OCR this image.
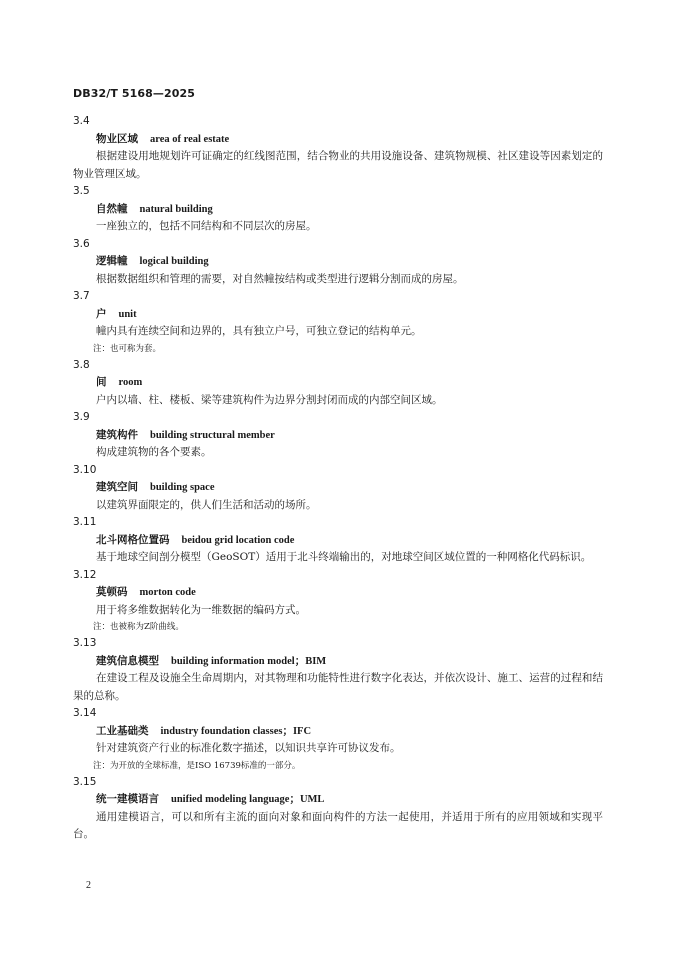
DB32/T 5168—2025
3.4
物业区域 area of real estate

根据建设用地规划许可证确定的红线图范围，结合物业的共用设施设备、建筑物规模、社区建设等因素划定的物业管理区域。

3.5
自然幢 natural building

一座独立的，包括不同结构和不同层次的房屋。

3.6
逻辑幢 logical building

根据数据组织和管理的需要，对自然幢按结构或类型进行逻辑分割而成的房屋。

3.7
户 unit

幢内具有连续空间和边界的，具有独立户号，可独立登记的结构单元。

注：也可称为套。

3.8
间 room

户内以墙、柱、楼板、梁等建筑构件为边界分割封闭而成的内部空间区域。

3.9
建筑构件 building structural member

构成建筑物的各个要素。

3.10
建筑空间 building space

以建筑界面限定的，供人们生活和活动的场所。

3.11
北斗网格位置码 beidou grid location code

基于地球空间剖分模型（GeoSOT）适用于北斗终端输出的，对地球空间区域位置的一种网格化代码标识。

3.12
莫顿码 morton code

用于将多维数据转化为一维数据的编码方式。

注：也被称为Z阶曲线。

3.13
建筑信息模型 building information model；BIM

在建设工程及设施全生命周期内，对其物理和功能特性进行数字化表达，并依次设计、施工、运营的过程和结果的总称。

3.14
工业基础类 industry foundation classes；IFC

针对建筑资产行业的标准化数字描述，以知识共享许可协议发布。

注：为开放的全球标准，是ISO 16739标准的一部分。

3.15
统一建模语言 unified modeling language；UML

通用建模语言，可以和所有主流的面向对象和面向构件的方法一起使用，并适用于所有的应用领域和实现平台。

2
